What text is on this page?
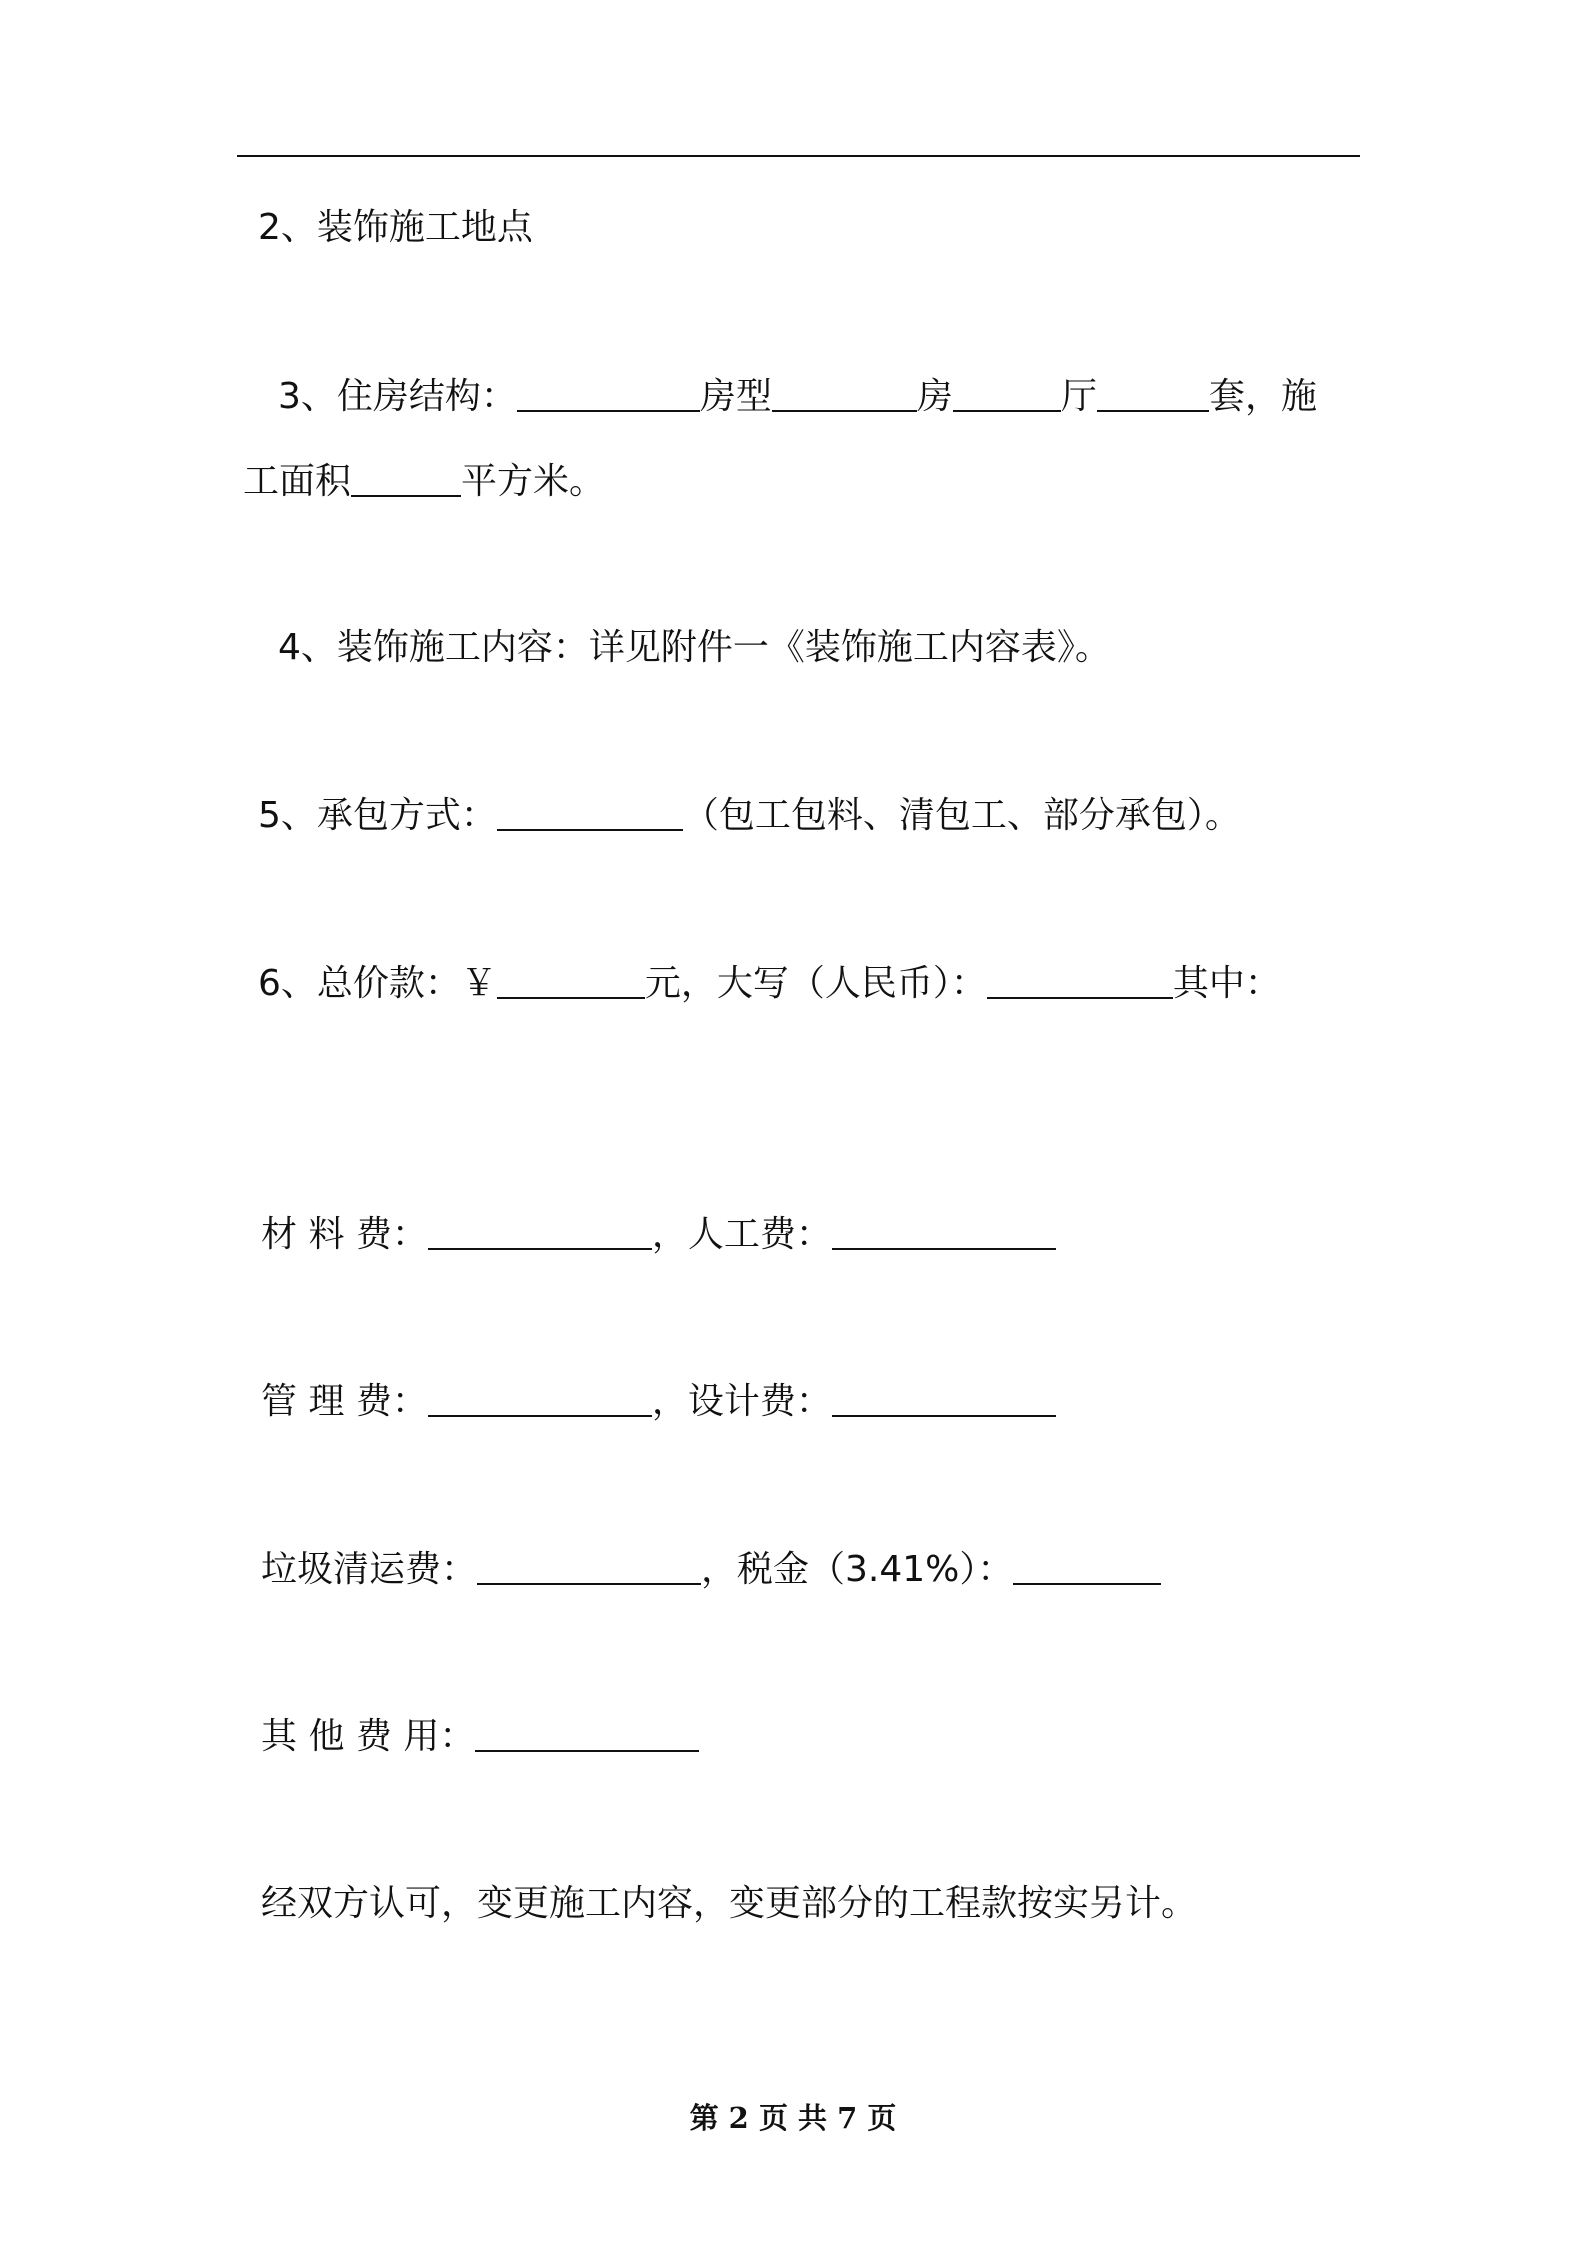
2、装饰施工地点
3、住房结构：	房型	房	厅	套，施
工面积	平方米。
4、装饰施工内容：详见附件一《装饰施工内容表》。
5、承包方式：	（包工包料、清包工、部分承包）。
6、总价款：￥	元，大写（人民币）：	其中：
材 料 费：	，人工费：
管 理 费：	，设计费：
垃圾清运费：	，税金（3.41%）：
其 他 费 用：
经双方认可，变更施工内容，变更部分的工程款按实另计。
第 2 页 共 7 页
